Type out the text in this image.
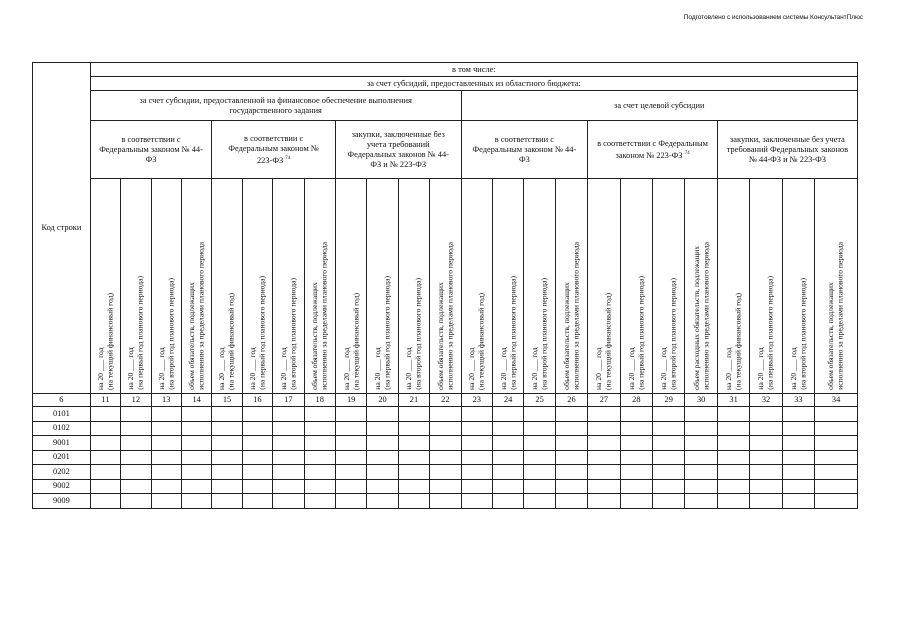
Подготовлено с использованием системы КонсультантПлюс
Код строки	в том числе:																							
	за счет субсидий, предоставленных из областного бюджета:																							
	за счет субсидии, предоставленной на финансовое обеспечение выполнения государственного задания												за счет целевой субсидии											
	в соответствии с Федеральным законом № 44-ФЗ				в соответствии с Федеральным законом № 223-ФЗ $^{74}$				закупки, заключенные без учета требований Федеральных законов № 44-ФЗ и № 223-ФЗ				в соответствии с Федеральным законом № 44-ФЗ				в соответствии с Федеральным законом № 223-ФЗ $^{74}$				закупки, заключенные без учета требований Федеральных законов № 44-ФЗ и № 223-ФЗ			

	на 20 ___ год (на текущий финансовый год)	на 20 ___ год (на первый год планового периода)	на 20 ___ год (на второй год планового периода)	объем обязательств, подлежащих исполнению за пределами планового периода	на 20 ___ год (на текущий финансовый год)	на 20 ___ год (на первый год планового периода)	на 20 ___ год (на второй год планового периода)	объем обязательств, подлежащих исполнению за пределами планового периода	на 20 ___ год (на текущий финансовый год)	на 20 ___ год (на первый год планового периода)	на 20 ___ год (на второй год планового периода)	объем обязательств, подлежащих исполнению за пределами планового периода	на 20 ___ год (на текущий финансовый год)	на 20 ___ год (на первый год планового периода)	на 20 ___ год (на второй год планового периода)	объем обязательств, подлежащих исполнению за пределами планового периода	на 20 ___ год (на текущий финансовый год)	на 20 ___ год (на первый год планового периода)	на 20 ___ год (на второй год планового периода)	объем расходных обязательств, подлежащих исполнению за пределами планового периода	на 20 ___ год (на текущий финансовый год)	на 20 ___ год (на первый год планового периода)	на 20 ___ год (на второй год планового периода)	объем обязательств, подлежащих исполнению за пределами планового периода

6	11	12	13	14	15	16	17	18	19	20	21	22	23	24	25	26	27	28	29	30	31	32	33	34
0101																								
0102																								
9001																								
0201																								
0202																								
9002																								
9009																								
